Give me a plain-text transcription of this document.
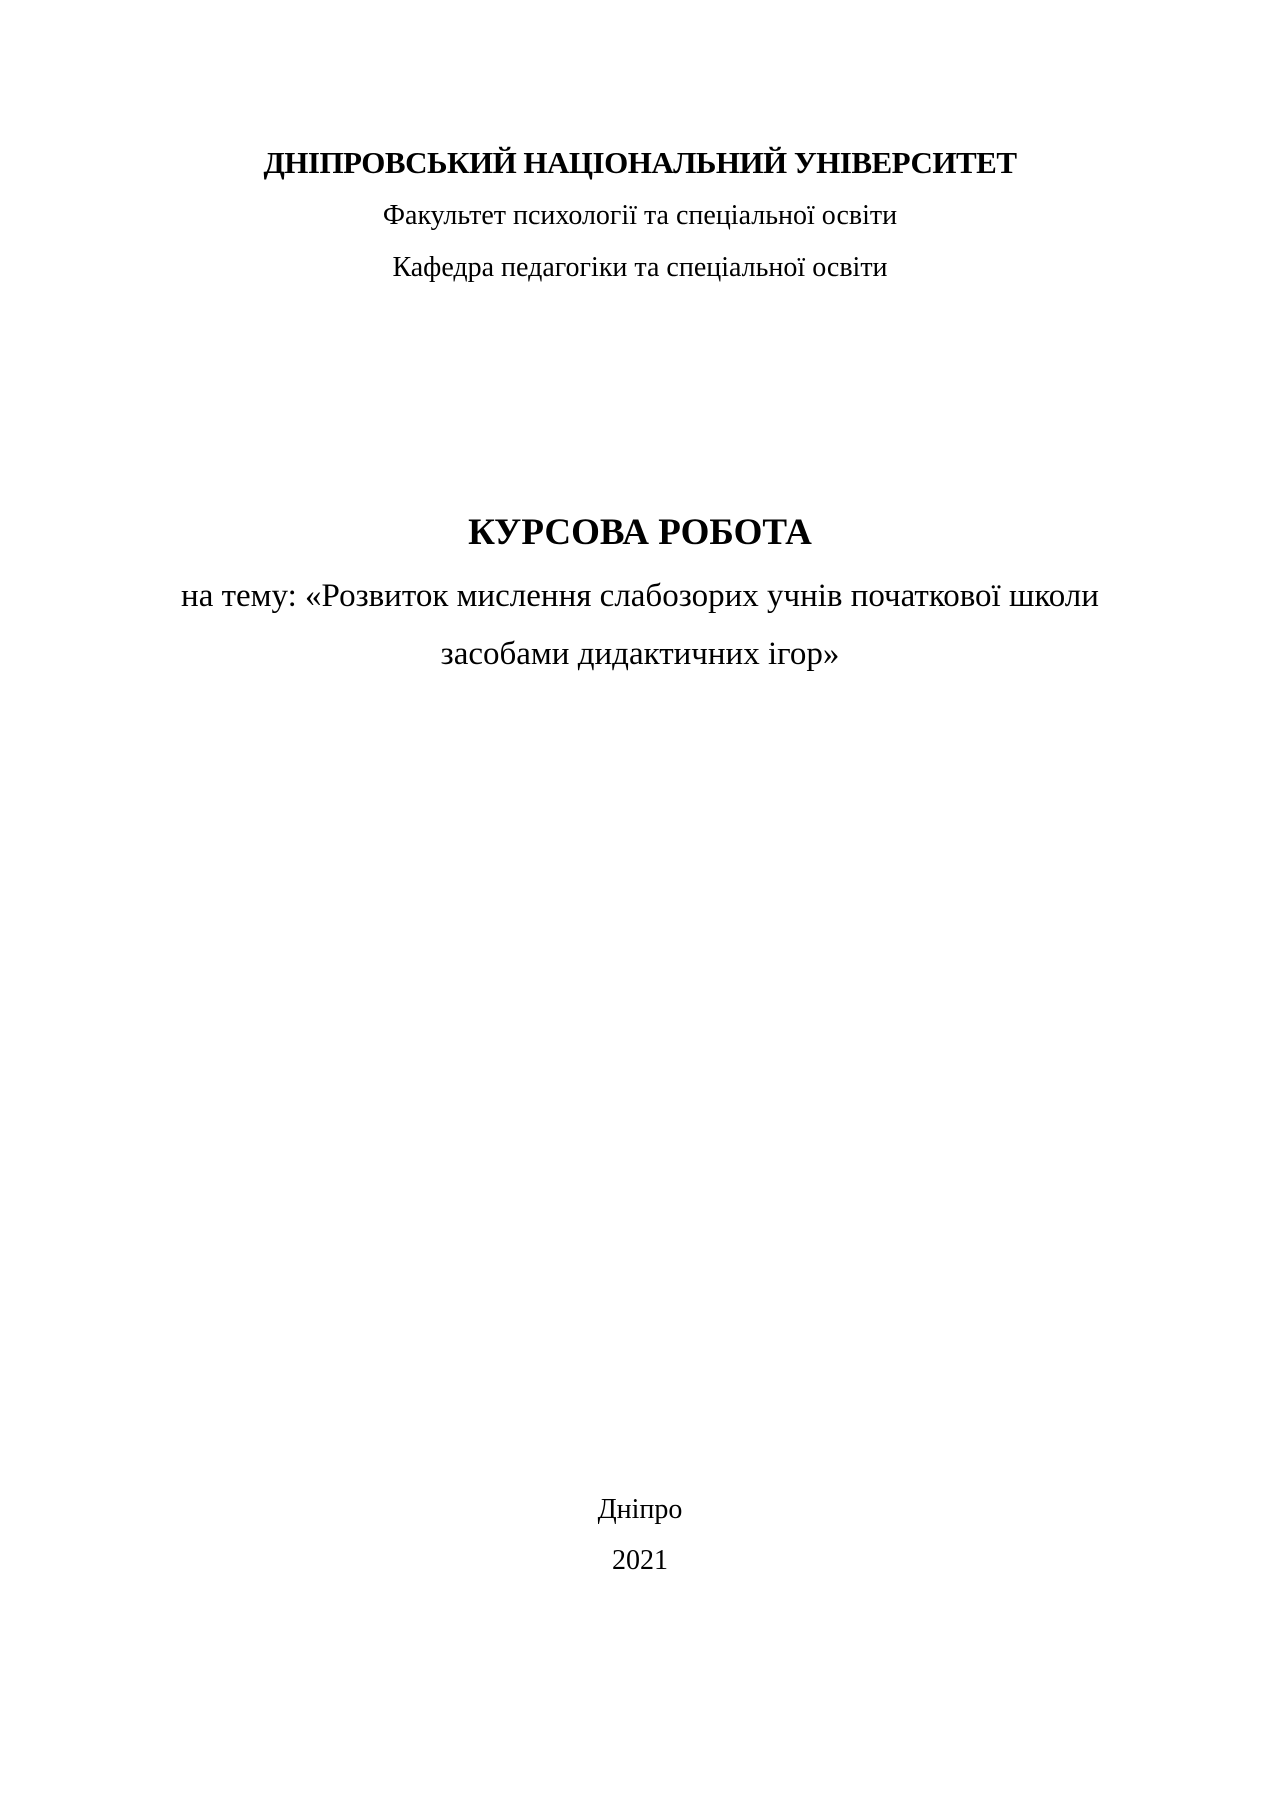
ДНІПРОВСЬКИЙ НАЦІОНАЛЬНИЙ УНІВЕРСИТЕТ
Факультет психології та спеціальної освіти
Кафедра педагогіки та спеціальної освіти
КУРСОВА РОБОТА
на тему: «Розвиток мислення слабозорих учнів початкової школи
засобами дидактичних ігор»
Дніпро
2021
